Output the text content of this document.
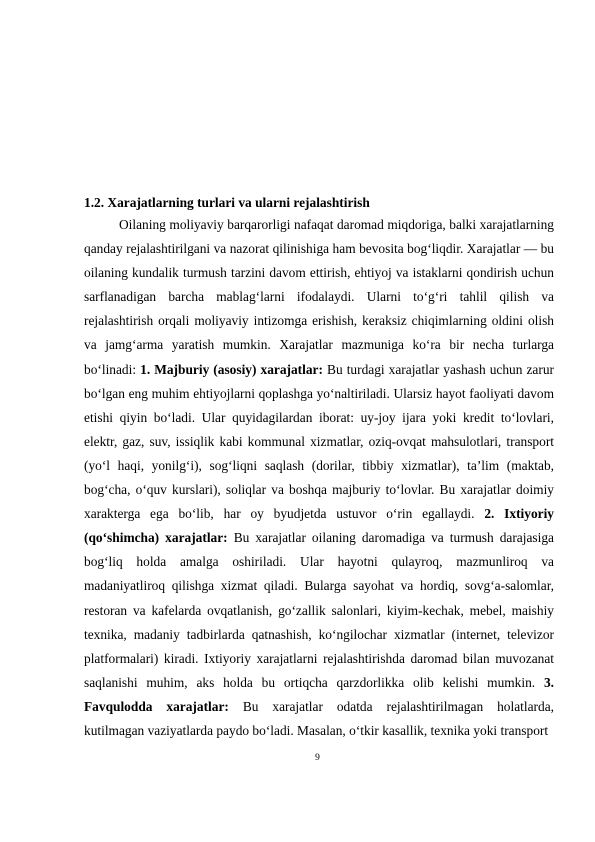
1.2. Xarajatlarning turlari va ularni rejalashtirish

Oilaning moliyaviy barqarorligi nafaqat daromad miqdoriga, balki xarajatlarning qanday rejalashtirilgani va nazorat qilinishiga ham bevosita bog‘liqdir. Xarajatlar — bu oilaning kundalik turmush tarzini davom ettirish, ehtiyoj va istaklarni qondirish uchun sarflanadigan barcha mablag‘larni ifodalaydi. Ularni to‘g‘ri tahlil qilish va rejalashtirish orqali moliyaviy intizomga erishish, keraksiz chiqimlarning oldini olish va jamg‘arma yaratish mumkin. Xarajatlar mazmuniga ko‘ra bir necha turlarga bo‘linadi: 1. Majburiy (asosiy) xarajatlar: Bu turdagi xarajatlar yashash uchun zarur bo‘lgan eng muhim ehtiyojlarni qoplashga yo‘naltiriladi. Ularsiz hayot faoliyati davom etishi qiyin bo‘ladi. Ular quyidagilardan iborat: uy-joy ijara yoki kredit to‘lovlari, elektr, gaz, suv, issiqlik kabi kommunal xizmatlar, oziq-ovqat mahsulotlari, transport (yo‘l haqi, yonilg‘i), sog‘liqni saqlash (dorilar, tibbiy xizmatlar), ta’lim (maktab, bog‘cha, o‘quv kurslari), soliqlar va boshqa majburiy to‘lovlar. Bu xarajatlar doimiy xarakterga ega bo‘lib, har oy byudjetda ustuvor o‘rin egallaydi. 2. Ixtiyoriy (qo‘shimcha) xarajatlar: Bu xarajatlar oilaning daromadiga va turmush darajasiga bog‘liq holda amalga oshiriladi. Ular hayotni qulayroq, mazmunliroq va madaniyatliroq qilishga xizmat qiladi. Bularga sayohat va hordiq, sovg‘a-salomlar, restoran va kafelarda ovqatlanish, go‘zallik salonlari, kiyim-kechak, mebel, maishiy texnika, madaniy tadbirlarda qatnashish, ko‘ngilochar xizmatlar (internet, televizor platformalari) kiradi. Ixtiyoriy xarajatlarni rejalashtirishda daromad bilan muvozanat saqlanishi muhim, aks holda bu ortiqcha qarzdorlikka olib kelishi mumkin. 3. Favqulodda xarajatlar: Bu xarajatlar odatda rejalashtirilmagan holatlarda, kutilmagan vaziyatlarda paydo bo‘ladi. Masalan, o‘tkir kasallik, texnika yoki transport

9
